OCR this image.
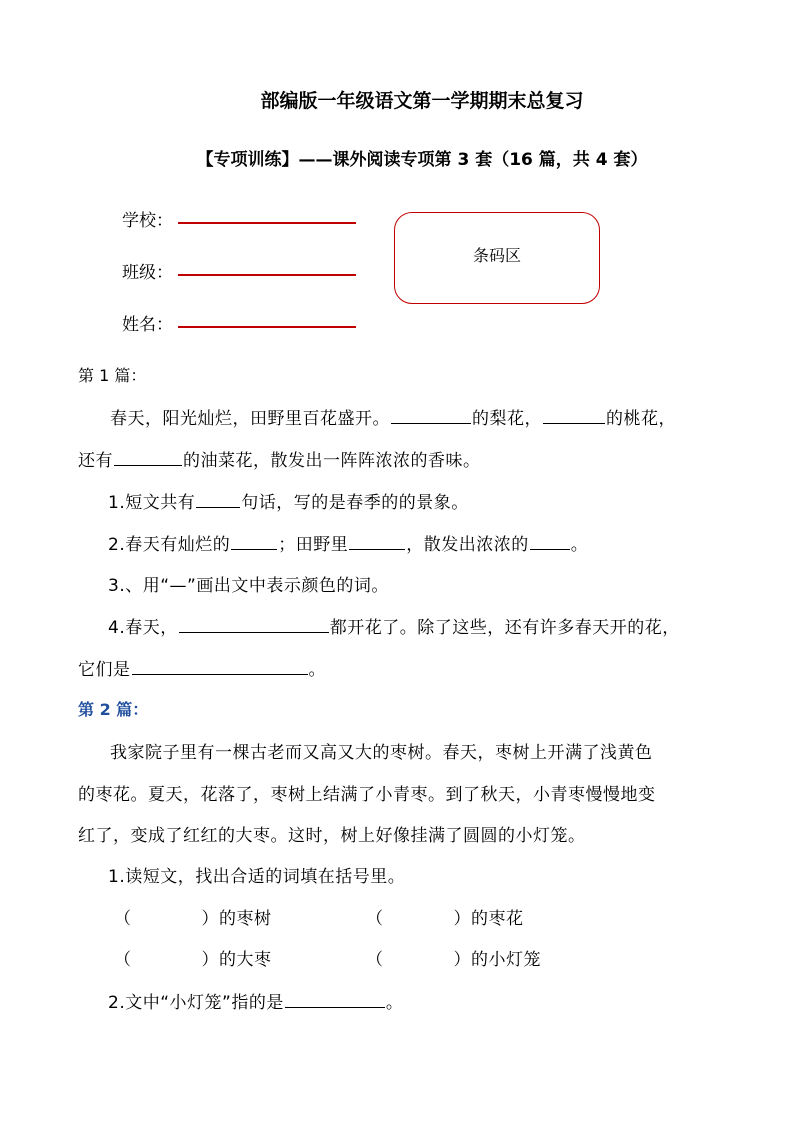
部编版一年级语文第一学期期末总复习
【专项训练】——课外阅读专项第 3 套（16 篇，共 4 套）
学校：
班级：
姓名：
条码区
第 1 篇：
春天，阳光灿烂，田野里百花盛开。	的梨花，	的桃花，
还有	的油菜花，散发出一阵阵浓浓的香味。
1.短文共有	句话，写的是春季的的景象。
2.春天有灿烂的	；田野里	，散发出浓浓的 。
3.、用“—”画出文中表示颜色的词。
4.春天，	都开花了。除了这些，还有许多春天开的花，
它们是	。
第 2 篇：
我家院子里有一棵古老而又高又大的枣树。春天，枣树上开满了浅黄色
的枣花。夏天，花落了，枣树上结满了小青枣。到了秋天，小青枣慢慢地变
红了，变成了红红的大枣。这时，树上好像挂满了圆圆的小灯笼。
1.读短文，找出合适的词填在括号里。
（　　　　）的枣树	（　　　　）的枣花
（　　　　）的大枣	（　　　　）的小灯笼
2.文中“小灯笼”指的是	。
